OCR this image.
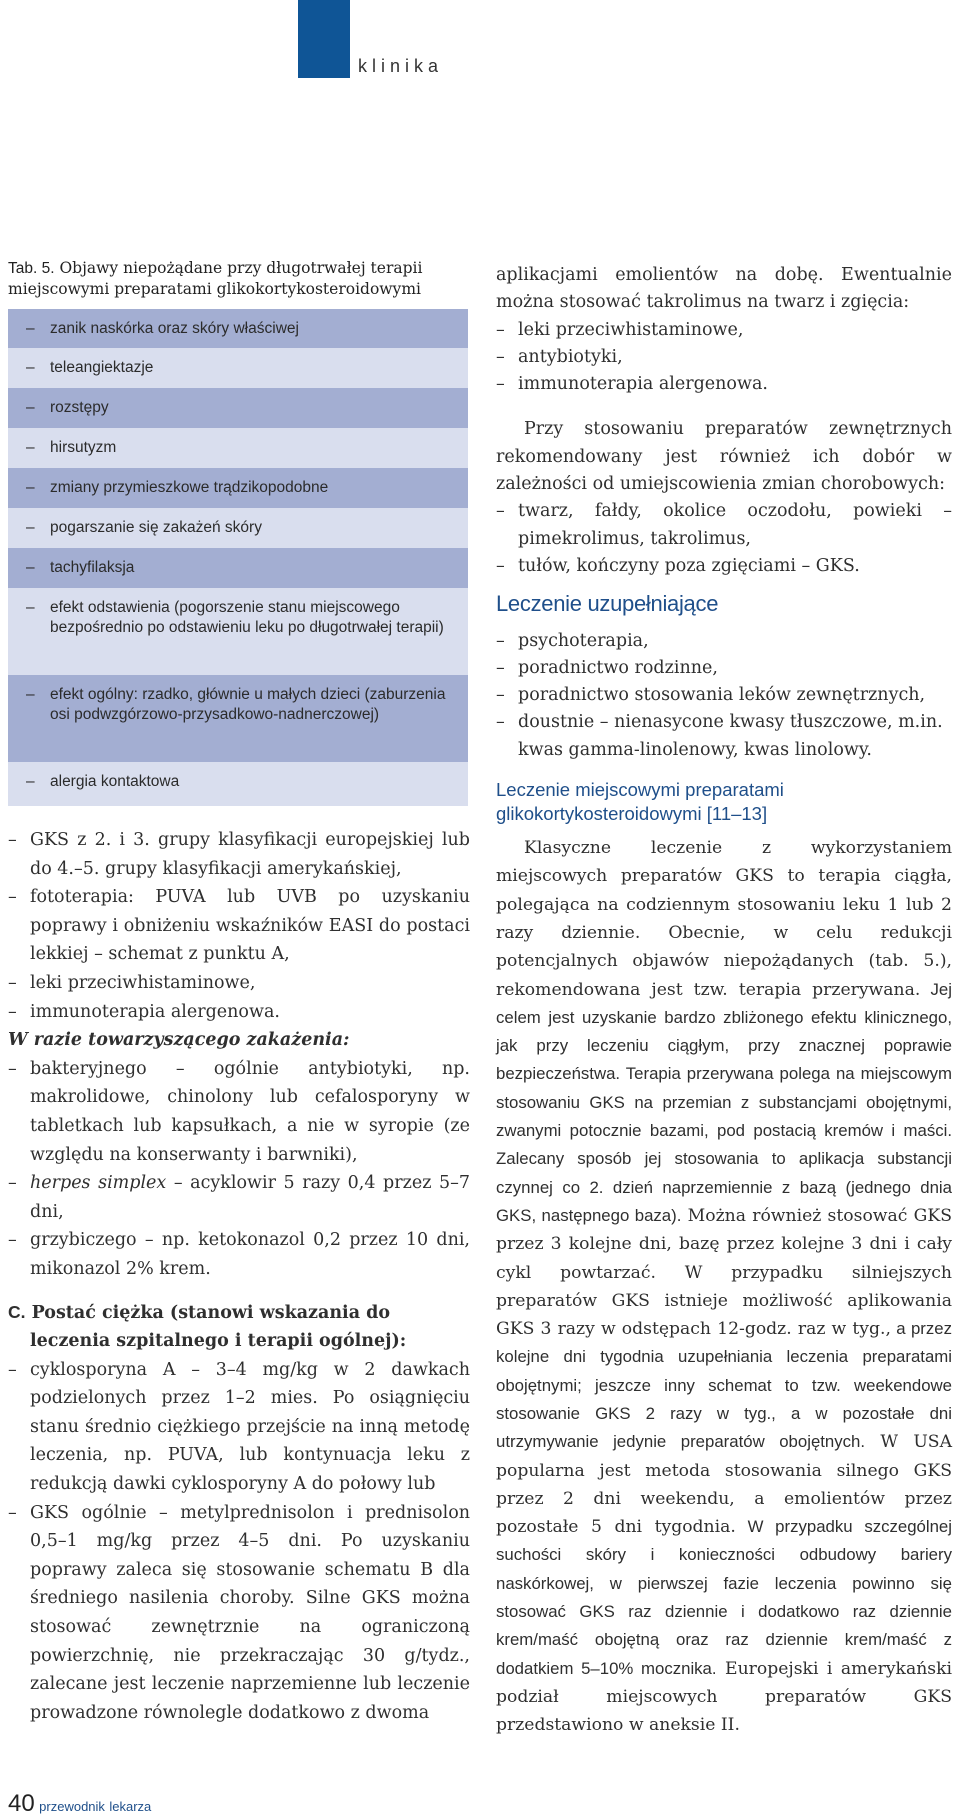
klinika

Tab. 5. Objawy niepożądane przy długotrwałej terapii miejscowymi preparatami glikokortykosteroidowymi

– zanik naskórka oraz skóry właściwej
– teleangiektazje
– rozstępy
– hirsutyzm
– zmiany przymieszkowe trądzikopodobne
– pogarszanie się zakażeń skóry
– tachyfilaksja
– efekt odstawienia (pogorszenie stanu miejscowego bezpośrednio po odstawieniu leku po długotrwałej terapii)
– efekt ogólny: rzadko, głównie u małych dzieci (zaburzenia osi podwzgórzowo-przysadkowo-nadnerczowej)
– alergia kontaktowa
– GKS z 2. i 3. grupy klasyfikacji europejskiej lub do 4.–5. grupy klasyfikacji amerykańskiej,
– fototerapia: PUVA lub UVB po uzyskaniu poprawy i obniżeniu wskaźników EASI do postaci lekkiej – schemat z punktu A,
– leki przeciwhistaminowe,
– immunoterapia alergenowa.
W razie towarzyszącego zakażenia:
– bakteryjnego – ogólnie antybiotyki, np. makrolidowe, chinolony lub cefalosporyny w tabletkach lub kapsułkach, a nie w syropie (ze względu na konserwanty i barwniki),
– herpes simplex – acyklowir 5 razy 0,4 przez 5–7 dni,
– grzybiczego – np. ketokonazol 0,2 przez 10 dni, mikonazol 2% krem.
C. Postać ciężka (stanowi wskazania do leczenia szpitalnego i terapii ogólnej):
– cyklosporyna A – 3–4 mg/kg w 2 dawkach podzielonych przez 1–2 mies. Po osiągnięciu stanu średnio ciężkiego przejście na inną metodę leczenia, np. PUVA, lub kontynuacja leku z redukcją dawki cyklosporyny A do połowy lub
– GKS ogólnie – metylprednisolon i prednisolon 0,5–1 mg/kg przez 4–5 dni. Po uzyskaniu poprawy zaleca się stosowanie schematu B dla średniego nasilenia choroby. Silne GKS można stosować zewnętrznie na ograniczoną powierzchnię, nie przekraczając 30 g/tydz., zalecane jest leczenie naprzemienne lub leczenie prowadzone równolegle dodatkowo z dwoma

aplikacjami emolientów na dobę. Ewentualnie można stosować takrolimus na twarz i zgięcia:

– leki przeciwhistaminowe,
– antybiotyki,
– immunoterapia alergenowa.

Przy stosowaniu preparatów zewnętrznych rekomendowany jest również ich dobór w zależności od umiejscowienia zmian chorobowych:

– twarz, fałdy, okolice oczodołu, powieki – pimekrolimus, takrolimus,
– tułów, kończyny poza zgięciami – GKS.
Leczenie uzupełniające
– psychoterapia,
– poradnictwo rodzinne,
– poradnictwo stosowania leków zewnętrznych,
– doustnie – nienasycone kwasy tłuszczowe, m.in. kwas gamma-linolenowy, kwas linolowy.
Leczenie miejscowymi preparatami glikokortykosteroidowymi [11–13]

Klasyczne leczenie z wykorzystaniem miejscowych preparatów GKS to terapia ciągła, polegająca na codziennym stosowaniu leku 1 lub 2 razy dziennie. Obecnie, w celu redukcji potencjalnych objawów niepożądanych (tab. 5.), rekomendowana jest tzw. terapia przerywana. Jej celem jest uzyskanie bardzo zbliżonego efektu klinicznego, jak przy leczeniu ciągłym, przy znacznej poprawie bezpieczeństwa. Terapia przerywana polega na miejscowym stosowaniu GKS na przemian z substancjami obojętnymi, zwanymi potocznie bazami, pod postacią kremów i maści. Zalecany sposób jej stosowania to aplikacja substancji czynnej co 2. dzień naprzemiennie z bazą (jednego dnia GKS, następnego baza). Można również stosować GKS przez 3 kolejne dni, bazę przez kolejne 3 dni i cały cykl powtarzać. W przypadku silniejszych preparatów GKS istnieje możliwość aplikowania GKS 3 razy w odstępach 12-godz. raz w tyg., a przez kolejne dni tygodnia uzupełniania leczenia preparatami obojętnymi; jeszcze inny schemat to tzw. weekendowe stosowanie GKS 2 razy w tyg., a w pozostałe dni utrzymywanie jedynie preparatów obojętnych. W USA popularna jest metoda stosowania silnego GKS przez 2 dni weekendu, a emolientów przez pozostałe 5 dni tygodnia. W przypadku szczególnej suchości skóry i konieczności odbudowy bariery naskórkowej, w pierwszej fazie leczenia powinno się stosować GKS raz dziennie i dodatkowo raz dziennie krem/maść obojętną oraz raz dziennie krem/maść z dodatkiem 5–10% mocznika. Europejski i amerykański podział miejscowych preparatów GKS przedstawiono w aneksie II.

40 przewodnik lekarza
